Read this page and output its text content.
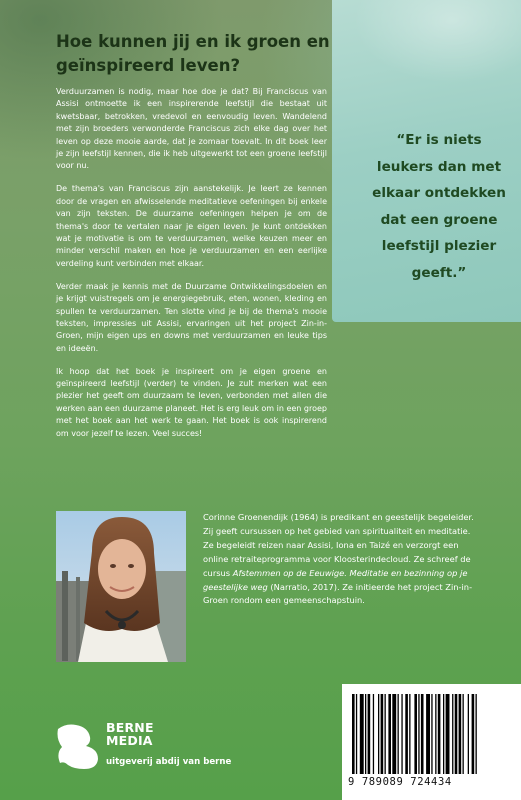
Hoe kunnen jij en ik groen en
geïnspireerd leven?

Verduurzamen is nodig, maar hoe doe je dat? Bij Franciscus van Assisi ontmoette ik een inspirerende leefstijl die bestaat uit kwetsbaar, betrokken, vredevol en eenvoudig leven. Wandelend met zijn broeders verwonderde Franciscus zich elke dag over het leven op deze mooie aarde, dat je zomaar toevalt. In dit boek leer je zijn leefstijl kennen, die ik heb uitgewerkt tot een groene leefstijl voor nu.

De thema's van Franciscus zijn aanstekelijk. Je leert ze kennen door de vragen en afwisselende meditatieve oefeningen bij enkele van zijn teksten. De duurzame oefeningen helpen je om de thema's door te vertalen naar je eigen leven. Je kunt ontdekken wat je motivatie is om te verduurzamen, welke keuzen meer en minder verschil maken en hoe je verduurzamen en een eerlijke verdeling kunt verbinden met elkaar.

Verder maak je kennis met de Duurzame Ontwikkelingsdoelen en je krijgt vuistregels om je energiegebruik, eten, wonen, kleding en spullen te verduurzamen. Ten slotte vind je bij de thema's mooie teksten, impressies uit Assisi, ervaringen uit het project Zin-in-Groen, mijn eigen ups en downs met verduurzamen en leuke tips en ideeën.

Ik hoop dat het boek je inspireert om je eigen groene en geïnspireerd leefstijl (verder) te vinden. Je zult merken wat een plezier het geeft om duurzaam te leven, verbonden met allen die werken aan een duurzame planeet. Het is erg leuk om in een groep met het boek aan het werk te gaan. Het boek is ook inspirerend om voor jezelf te lezen. Veel succes!

“Er is niets leukers dan met elkaar ontdekken dat een groene leefstijl plezier geeft.”
Corinne Groenendijk (1964) is predikant en geestelijk begeleider. Zij geeft cursussen op het gebied van spiritualiteit en meditatie. Ze begeleidt reizen naar Assisi, Iona en Taizé en verzorgt een online retraiteprogramma voor Kloosterindecloud. Ze schreef de cursus Afstemmen op de Eeuwige. Meditatie en bezinning op je geestelijke weg (Narratio, 2017). Ze initieerde het project Zin-in-Groen rondom een gemeenschapstuin.
BERNE
MEDIA
uitgeverij abdij van berne
9 789089 724434
